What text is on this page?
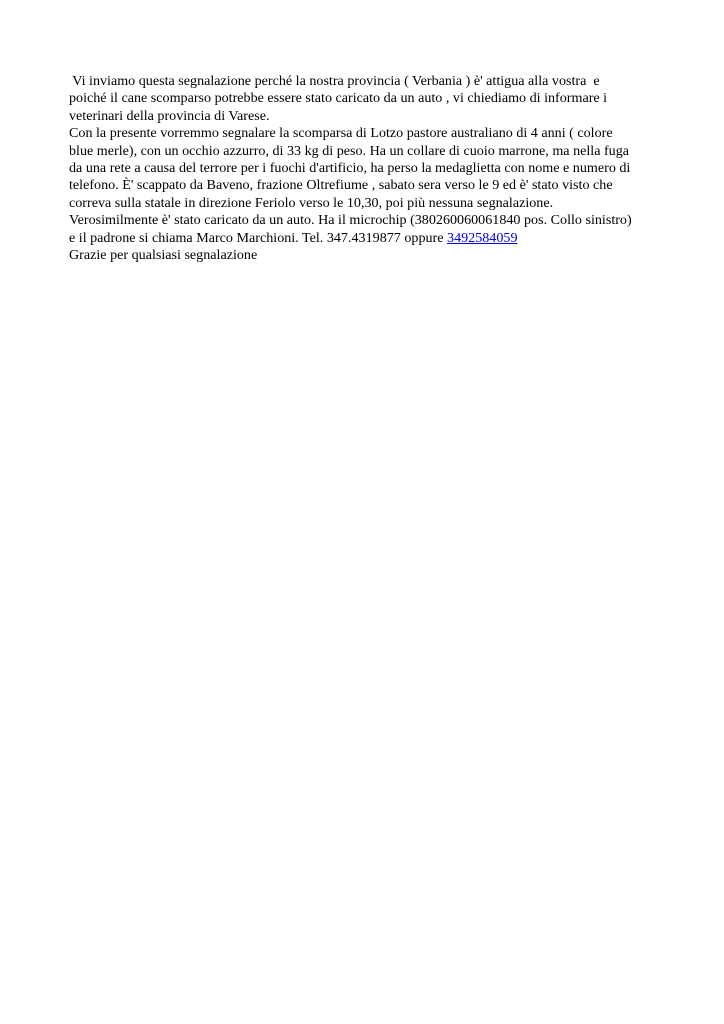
Vi inviamo questa segnalazione perché la nostra provincia ( Verbania ) è' attigua alla vostra  e
poiché il cane scomparso potrebbe essere stato caricato da un auto , vi chiediamo di informare i
veterinari della provincia di Varese.
Con la presente vorremmo segnalare la scomparsa di Lotzo pastore australiano di 4 anni ( colore
blue merle), con un occhio azzurro, di 33 kg di peso. Ha un collare di cuoio marrone, ma nella fuga
da una rete a causa del terrore per i fuochi d'artificio, ha perso la medaglietta con nome e numero di
telefono. È' scappato da Baveno, frazione Oltrefiume , sabato sera verso le 9 ed è' stato visto che
correva sulla statale in direzione Feriolo verso le 10,30, poi più nessuna segnalazione.
Verosimilmente è' stato caricato da un auto. Ha il microchip (380260060061840 pos. Collo sinistro)
e il padrone si chiama Marco Marchioni. Tel. 347.4319877 oppure 3492584059
Grazie per qualsiasi segnalazione
